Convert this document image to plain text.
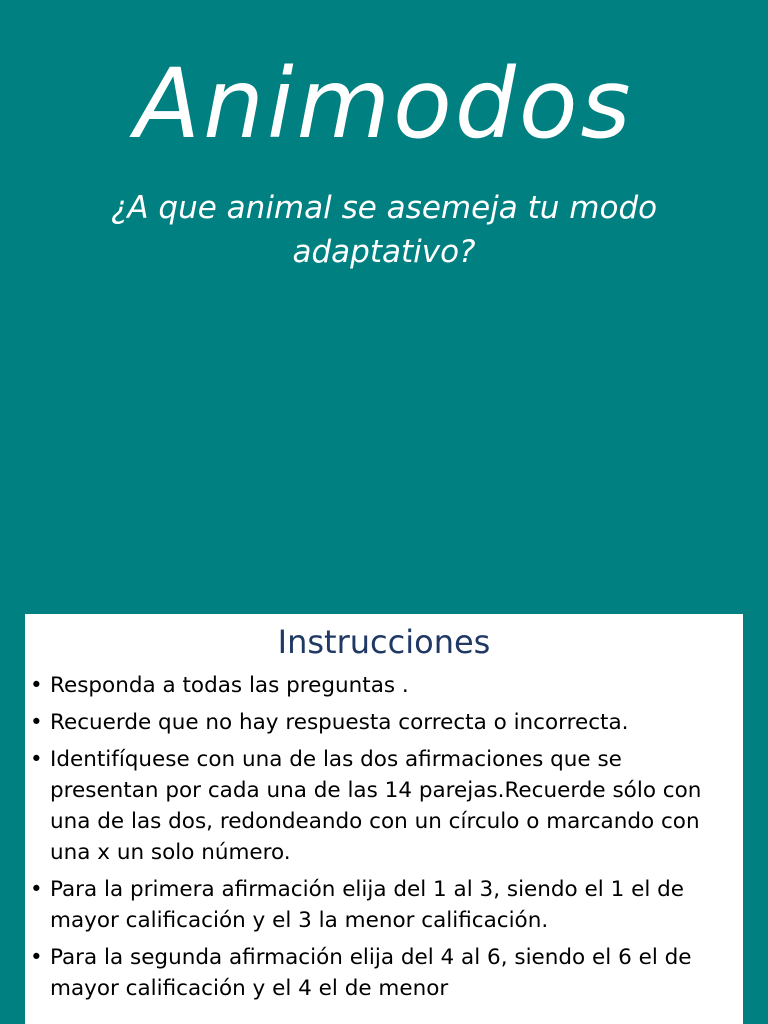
Animodos
¿A que animal se asemeja tu modo adaptativo?
Instrucciones
• Responda a todas las preguntas .
• Recuerde que no hay respuesta correcta o incorrecta.
• Identifíquese con una de las dos afirmaciones que se presentan por cada una de las 14 parejas.Recuerde sólo con una de las dos, redondeando con un círculo o marcando con una x un solo número.
• Para la primera afirmación elija del 1 al 3, siendo el 1 el de mayor calificación y el 3 la menor calificación.
• Para la segunda afirmación elija del 4 al 6, siendo el 6 el de mayor calificación y el 4 el de menor
